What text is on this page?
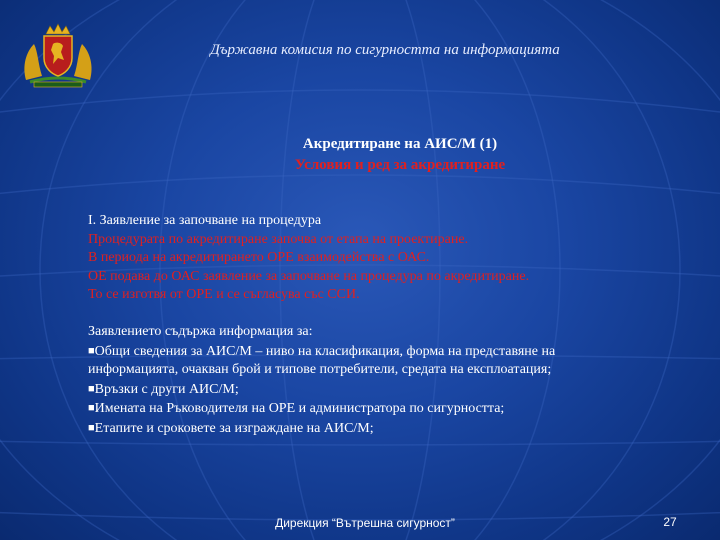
Държавна комисия по сигурността на информацията
Акредитиране на АИС/М (1)
Условия и ред за акредитиране
І. Заявление за започване на процедура
Процедурата по акредитиране започва от етапа на проектиране.
В периода на акредитирането ОРЕ взаимодействa с ОАС.
ОЕ подава до ОАС заявление за започване на процедура по акредитиране.
То се изготвя от ОРЕ и се съгласува със ССИ.
Заявлението съдържа информация за:
■Общи сведения за АИС/М – ниво на класификация, форма на представяне на
информацията, очакван брой и типове потребители, средата на експлоатация;
■Връзки с други АИС/М;
■Имената на Ръководителя на ОРЕ и администратора по сигурността;
■Етапите и сроковете за изграждане на АИС/М;
Дирекция “Вътрешна сигурност”	27
